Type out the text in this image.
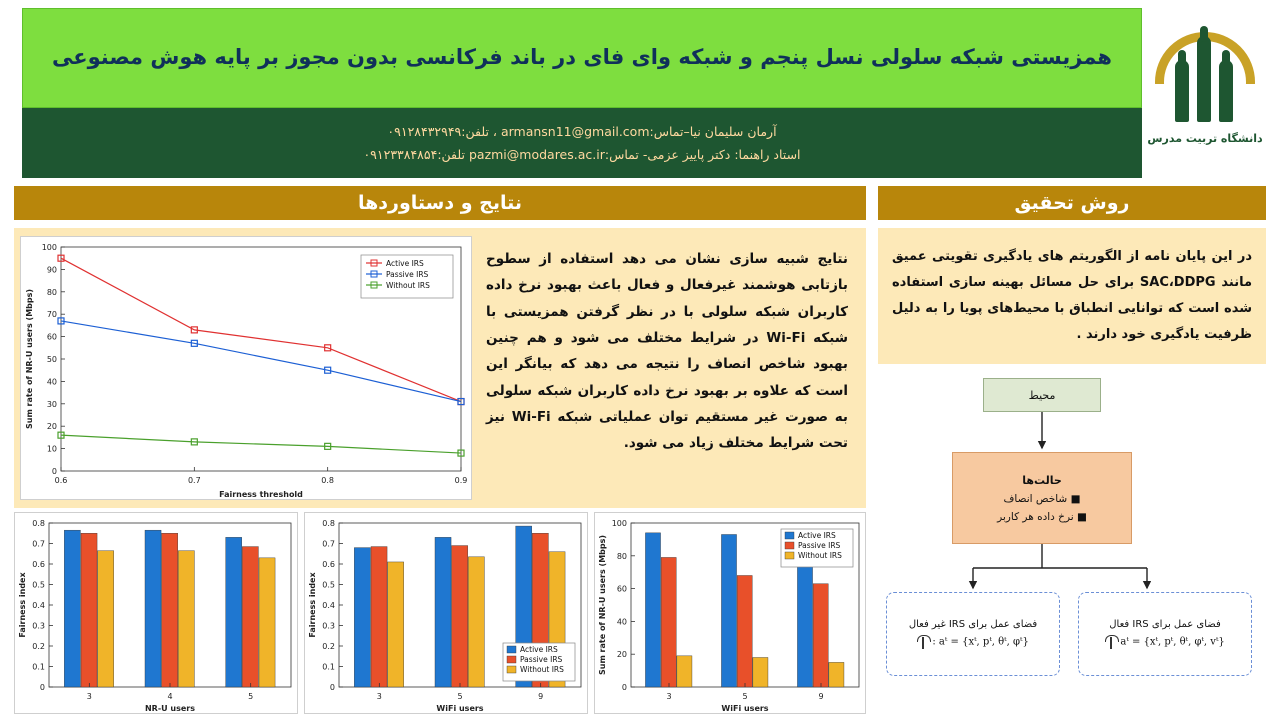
همزیستی شبکه سلولی نسل پنجم و شبکه وای فای در باند فرکانسی بدون مجوز بر پایه هوش مصنوعی
آرمان سلیمان نیا–تماس:armansn11@gmail.com ، تلفن:۰۹۱۲۸۴۳۲۹۴۹
استاد راهنما: دکتر پاییز عزمی- تماس:pazmi@modares.ac.ir تلفن:۰۹۱۲۳۳۸۴۸۵۴
دانشگاه تربیت مدرس
نتایج و دستاوردها	روش تحقیق
نتایج شبیه سازی نشان می دهد استفاده از سطوح بازتابی هوشمند غیرفعال و فعال باعث بهبود نرخ داده کاربران شبکه سلولی با در نظر گرفتن همزیستی با شبکه Wi-Fi در شرایط مختلف می شود و هم چنین بهبود شاخص انصاف را نتیجه می دهد که بیانگر این است که علاوه بر بهبود نرخ داده کاربران شبکه سلولی به صورت غیر مستقیم توان عملیاتی شبکه Wi-Fi نیز تحت شرایط مختلف زیاد می شود.
0
10
20
30
40
50
60
70
80
90
100
0.6	0.7	0.8	0.9
Fairness threshold
Sum rate of NR-U users (Mbps)
Active IRS
Passive IRS
Without IRS
0
0.1
0.2
0.3
0.4
0.5
0.6
0.7
0.8
3	4	5
NR-U users
Fairness index
0
0.1
0.2
0.3
0.4
0.5
0.6
0.7
0.8
3	5	9
WiFi users
Fairness index
Active IRS
Passive IRS
Without IRS
0
20
40
60
80
100
3	5	9
WiFi users
Sum rate of NR-U users (Mbps)	Active IRS
Passive IRS
Without IRS
در این پایان نامه از الگوریتم های یادگیری تقویتی عمیق مانند SAC،DDPG برای حل مسائل بهینه سازی استفاده شده است که توانایی انطباق با محیط‌های پویا را به دلیل ظرفیت یادگیری خود دارند .
محیط
حالت‌ها
■ شاخص انصاف
■ نرخ داده هر کاربر
فضای عمل برای IRS فعال
aᵗ = {xᵗ, pᵗ, θᵗ, φᵗ, vᵗ}
فضای عمل برای IRS غیر فعال
: aᵗ = {xᵗ, pᵗ, θᵗ, φᵗ}
